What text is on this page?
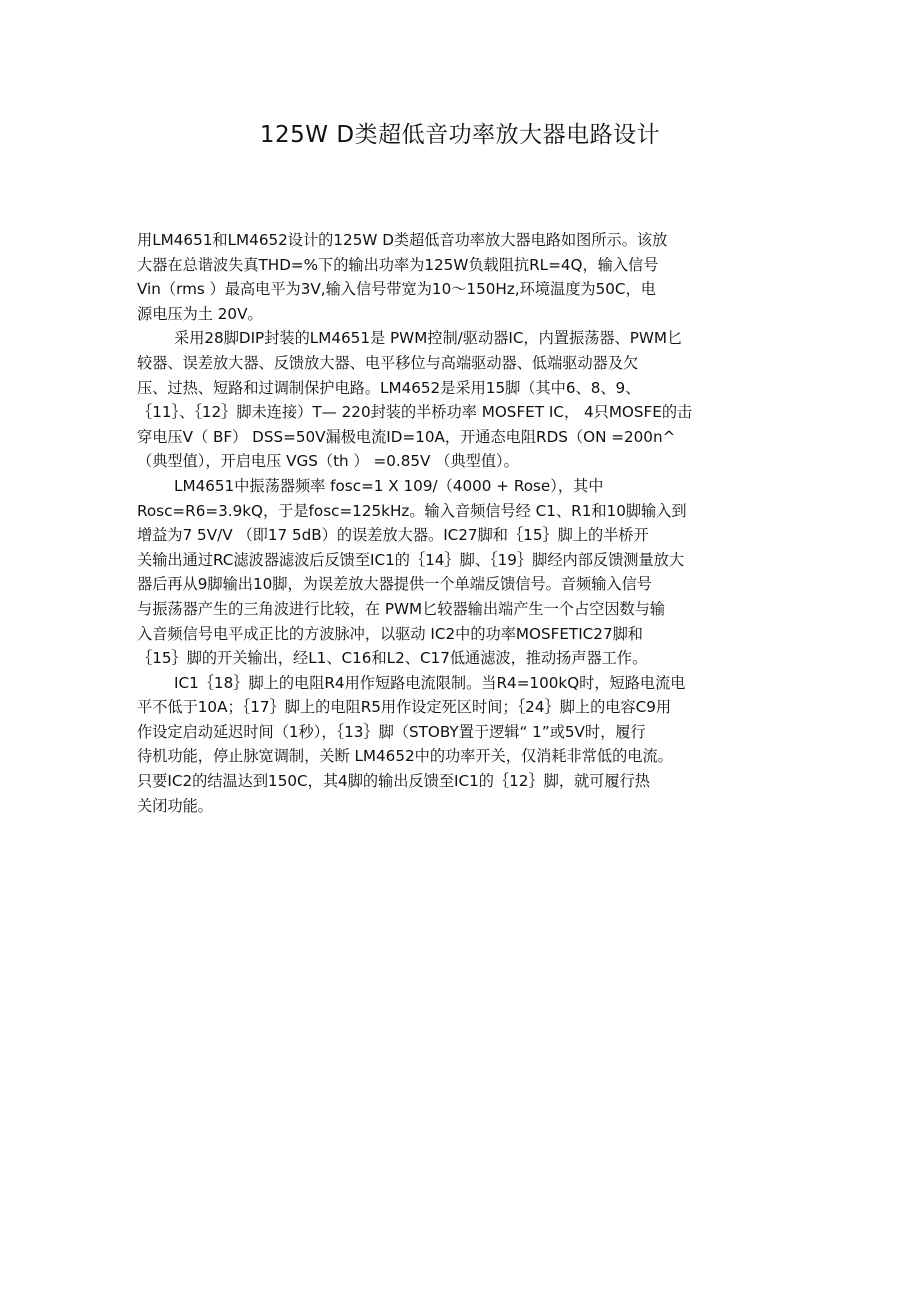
125W D类超低音功率放大器电路设计
用LM4651和LM4652设计的125W D类超低音功率放大器电路如图所示。该放
大器在总谐波失真THD=%下的输出功率为125W负载阻抗RL=4Q，输入信号
Vin（rms ）最高电平为3V,输入信号带宽为10〜150Hz,环境温度为50C，电
源电压为土 20V。
采用28脚DIP封装的LM4651是 PWM控制/驱动器IC，内置振荡器、PWM匕
较器、误差放大器、反馈放大器、电平移位与高端驱动器、低端驱动器及欠
压、过热、短路和过调制保护电路。LM4652是采用15脚（其中6、8、9、
｛11｝、｛12｝脚未连接）T— 220封装的半桥功率 MOSFET IC， 4只MOSFE的击
穿电压V（ BF） DSS=50V漏极电流ID=10A，开通态电阻RDS（ON =200n^
（典型值），开启电压 VGS（th ） =0.85V （典型值）。
LM4651中振荡器频率 fosc=1 X 109/（4000 + Rose），其中
Rosc=R6=3.9kQ，于是fosc=125kHz。输入音频信号经 C1、R1和10脚输入到
增益为7 5V/V （即17 5dB）的误差放大器。IC27脚和｛15｝脚上的半桥开
关输出通过RC滤波器滤波后反馈至IC1的｛14｝脚、｛19｝脚经内部反馈测量放大
器后再从9脚输出10脚，为误差放大器提供一个单端反馈信号。音频输入信号
与振荡器产生的三角波进行比较，在 PWM匕较器输出端产生一个占空因数与输
入音频信号电平成正比的方波脉冲，以驱动 IC2中的功率MOSFETIC27脚和
｛15｝脚的开关输出，经L1、C16和L2、C17低通滤波，推动扬声器工作。
IC1｛18｝脚上的电阻R4用作短路电流限制。当R4=100kQ时，短路电流电
平不低于10A；｛17｝脚上的电阻R5用作设定死区时间；｛24｝脚上的电容C9用
作设定启动延迟时间（1秒），｛13｝脚（STOBY置于逻辑“ 1”或5V时，履行
待机功能，停止脉宽调制，关断 LM4652中的功率开关，仅消耗非常低的电流。
只要IC2的结温达到150C，其4脚的输出反馈至IC1的｛12｝脚，就可履行热
关闭功能。
